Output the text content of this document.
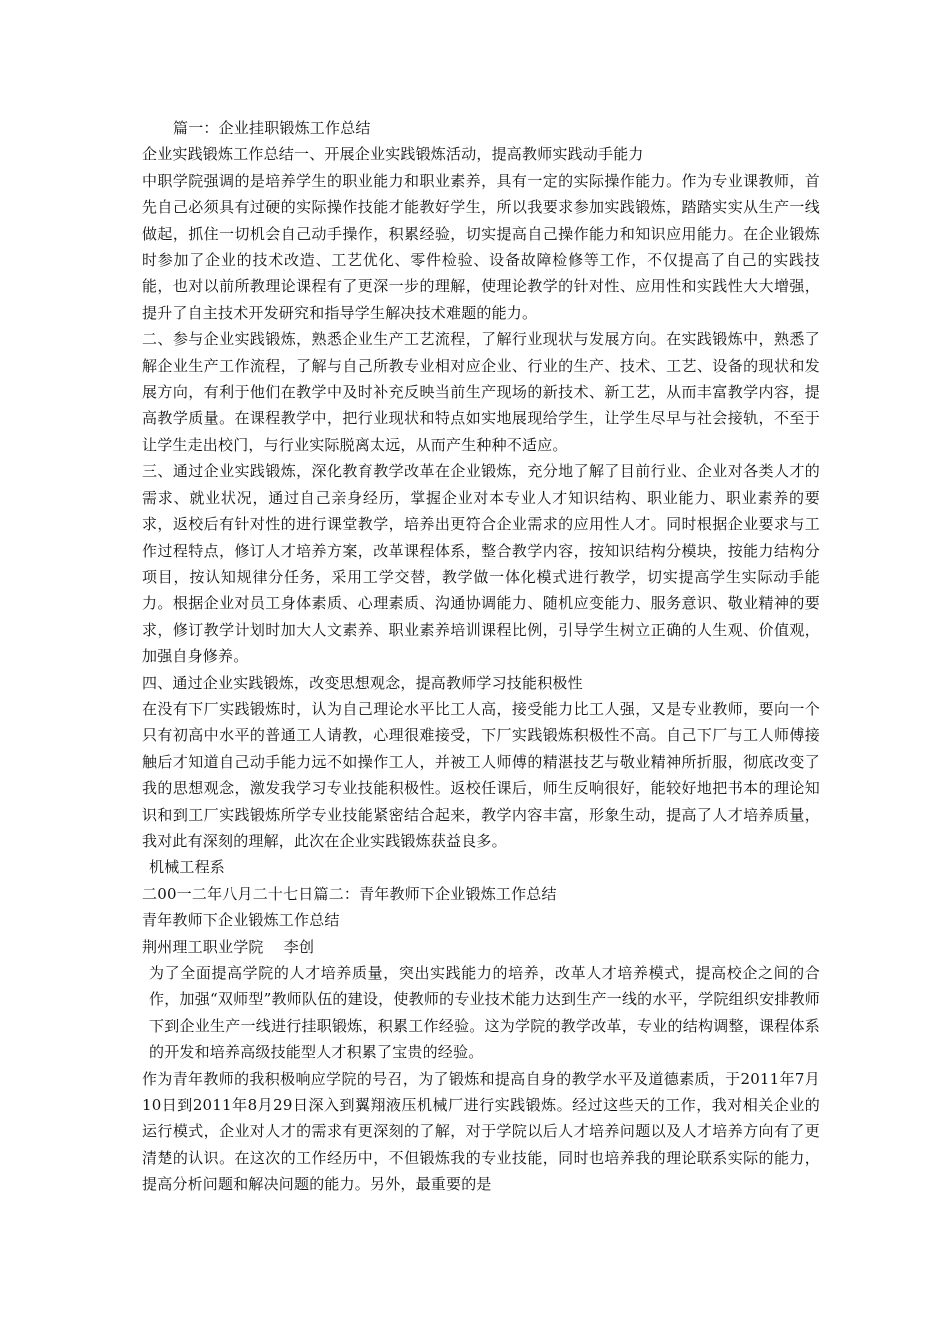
篇一：企业挂职锻炼工作总结

企业实践锻炼工作总结一、开展企业实践锻炼活动，提高教师实践动手能力

中职学院强调的是培养学生的职业能力和职业素养，具有一定的实际操作能力。作为专业课教师，首先自己必须具有过硬的实际操作技能才能教好学生，所以我要求参加实践锻炼，踏踏实实从生产一线做起，抓住一切机会自己动手操作，积累经验，切实提高自己操作能力和知识应用能力。在企业锻炼时参加了企业的技术改造、工艺优化、零件检验、设备故障检修等工作，不仅提高了自己的实践技能，也对以前所教理论课程有了更深一步的理解，使理论教学的针对性、应用性和实践性大大增强，提升了自主技术开发研究和指导学生解决技术难题的能力。

二、参与企业实践锻炼，熟悉企业生产工艺流程，了解行业现状与发展方向。在实践锻炼中，熟悉了解企业生产工作流程，了解与自己所教专业相对应企业、行业的生产、技术、工艺、设备的现状和发展方向，有利于他们在教学中及时补充反映当前生产现场的新技术、新工艺，从而丰富教学内容，提高教学质量。在课程教学中，把行业现状和特点如实地展现给学生，让学生尽早与社会接轨，不至于让学生走出校门，与行业实际脱离太远，从而产生种种不适应。

三、通过企业实践锻炼，深化教育教学改革在企业锻炼，充分地了解了目前行业、企业对各类人才的需求、就业状况，通过自己亲身经历，掌握企业对本专业人才知识结构、职业能力、职业素养的要求，返校后有针对性的进行课堂教学，培养出更符合企业需求的应用性人才。同时根据企业要求与工作过程特点，修订人才培养方案，改革课程体系，整合教学内容，按知识结构分模块，按能力结构分项目，按认知规律分任务，采用工学交替，教学做一体化模式进行教学，切实提高学生实际动手能力。根据企业对员工身体素质、心理素质、沟通协调能力、随机应变能力、服务意识、敬业精神的要求，修订教学计划时加大人文素养、职业素养培训课程比例，引导学生树立正确的人生观、价值观，加强自身修养。

四、通过企业实践锻炼，改变思想观念，提高教师学习技能积极性

在没有下厂实践锻炼时，认为自己理论水平比工人高，接受能力比工人强，又是专业教师，要向一个只有初高中水平的普通工人请教，心理很难接受，下厂实践锻炼积极性不高。自己下厂与工人师傅接触后才知道自己动手能力远不如操作工人，并被工人师傅的精湛技艺与敬业精神所折服，彻底改变了我的思想观念，激发我学习专业技能积极性。返校任课后，师生反响很好，能较好地把书本的理论知识和到工厂实践锻炼所学专业技能紧密结合起来，教学内容丰富，形象生动，提高了人才培养质量，我对此有深刻的理解，此次在企业实践锻炼获益良多。

机械工程系

二00一二年八月二十七日篇二：青年教师下企业锻炼工作总结

青年教师下企业锻炼工作总结

荆州理工职业学院　 李创

为了全面提高学院的人才培养质量，突出实践能力的培养，改革人才培养模式，提高校企之间的合作，加强“双师型”教师队伍的建设，使教师的专业技术能力达到生产一线的水平，学院组织安排教师下到企业生产一线进行挂职锻炼，积累工作经验。这为学院的教学改革，专业的结构调整，课程体系的开发和培养高级技能型人才积累了宝贵的经验。

作为青年教师的我积极响应学院的号召，为了锻炼和提高自身的教学水平及道德素质，于2011年7月10日到2011年8月29日深入到翼翔液压机械厂进行实践锻炼。经过这些天的工作，我对相关企业的运行模式，企业对人才的需求有更深刻的了解，对于学院以后人才培养问题以及人才培养方向有了更清楚的认识。在这次的工作经历中，不但锻炼我的专业技能，同时也培养我的理论联系实际的能力，提高分析问题和解决问题的能力。另外，最重要的是
